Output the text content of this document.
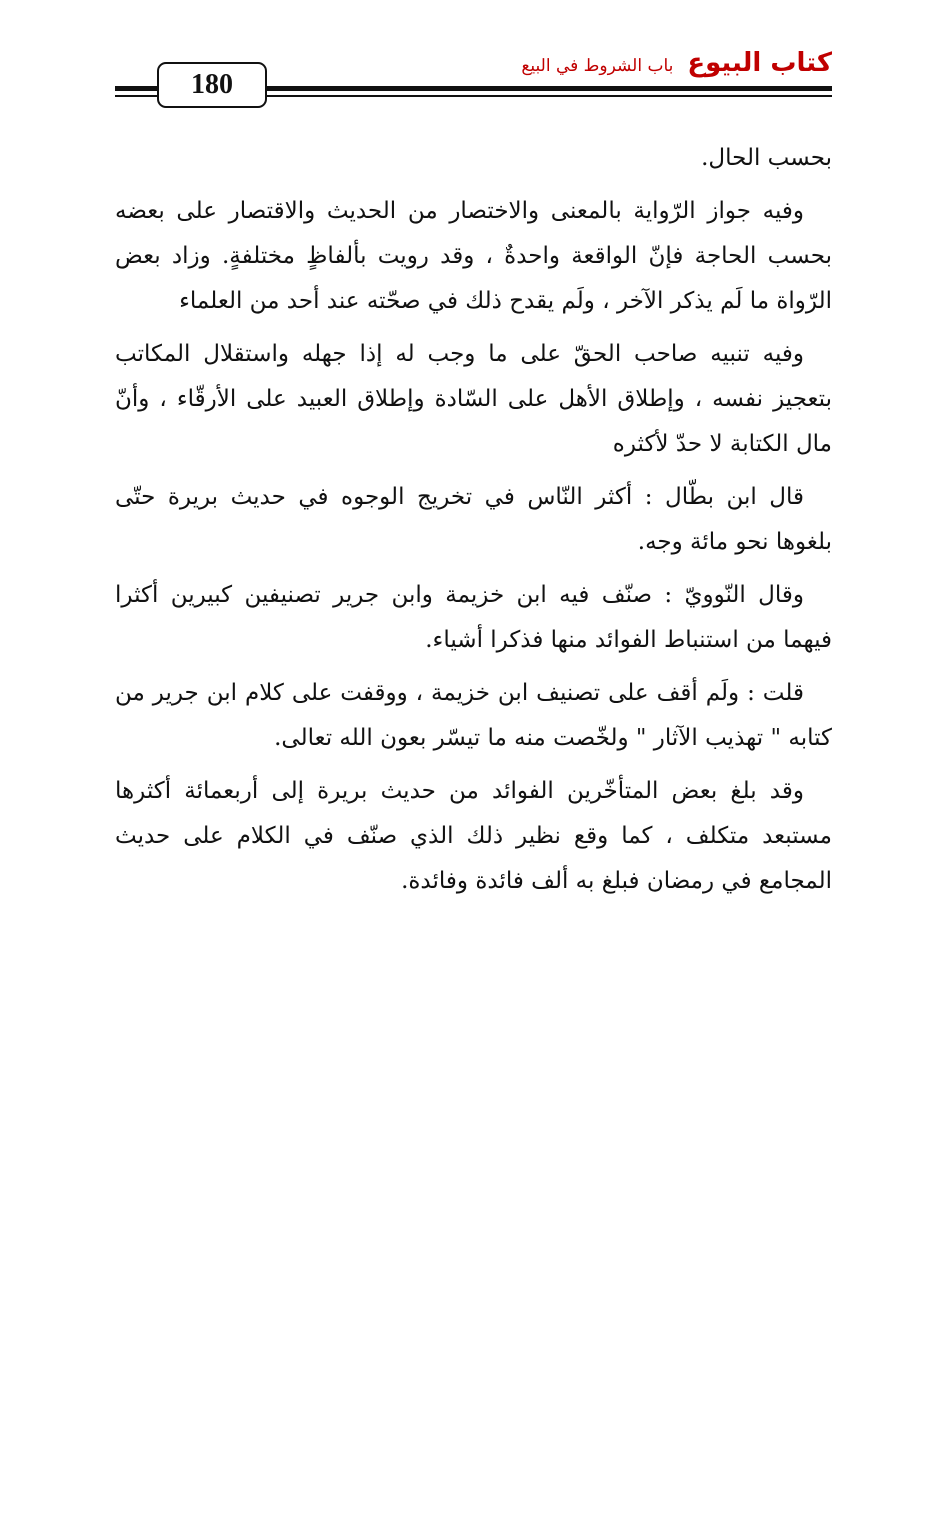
180
كتاب البيوع
باب الشروط في البيع

بحسب الحال.

وفيه جواز الرّواية بالمعنى والاختصار من الحديث والاقتصار على بعضه بحسب الحاجة فإنّ الواقعة واحدةٌ ، وقد رويت بألفاظٍ مختلفةٍ. وزاد بعض الرّواة ما لَم يذكر الآخر ، ولَم يقدح ذلك في صحّته عند أحد من العلماء

وفيه تنبيه صاحب الحقّ على ما وجب له إذا جهله واستقلال المكاتب بتعجيز نفسه ، وإطلاق الأهل على السّادة وإطلاق العبيد على الأرقّاء ، وأنّ مال الكتابة لا حدّ لأكثره

قال ابن بطّال : أكثر النّاس في تخريج الوجوه في حديث بريرة حتّى بلغوها نحو مائة وجه.

وقال النّوويّ : صنّف فيه ابن خزيمة وابن جرير تصنيفين كبيرين أكثرا فيهما من استنباط الفوائد منها فذكرا أشياء.

قلت : ولَم أقف على تصنيف ابن خزيمة ، ووقفت على كلام ابن جرير من كتابه " تهذيب الآثار " ولخّصت منه ما تيسّر بعون الله تعالى.

وقد بلغ بعض المتأخّرين الفوائد من حديث بريرة إلى أربعمائة أكثرها مستبعد متكلف ، كما وقع نظير ذلك الذي صنّف في الكلام على حديث المجامع في رمضان فبلغ به ألف فائدة وفائدة.
